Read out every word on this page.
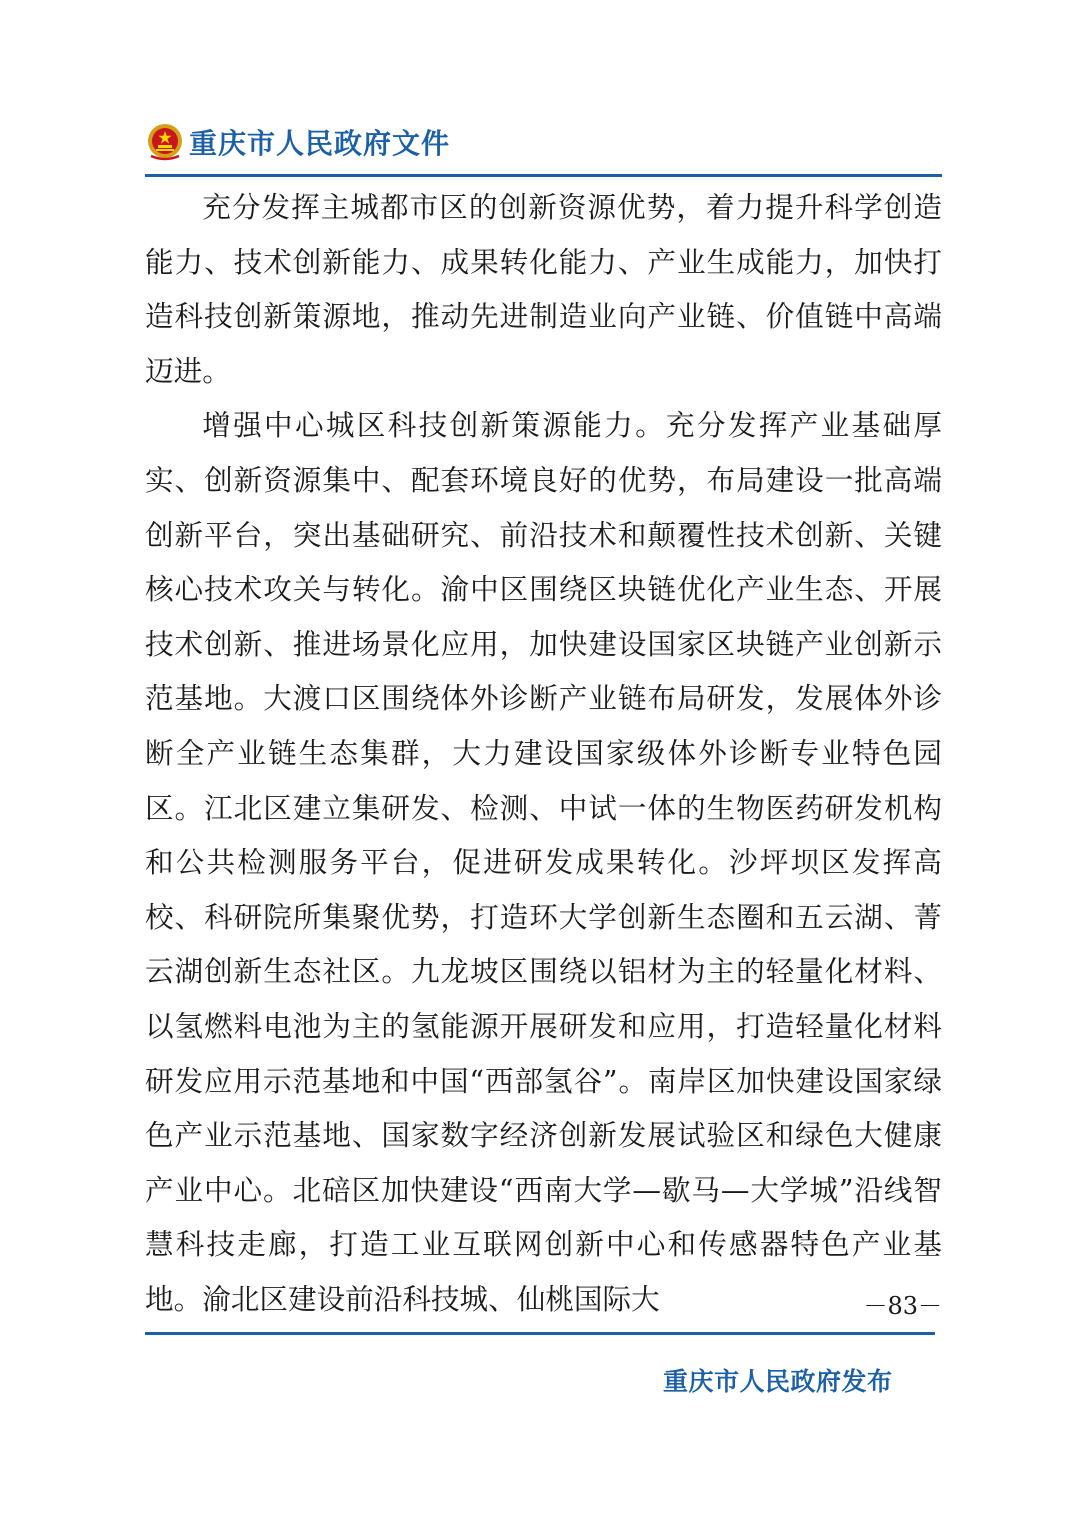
重庆市人民政府文件

充分发挥主城都市区的创新资源优势，着力提升科学创造能力、技术创新能力、成果转化能力、产业生成能力，加快打造科技创新策源地，推动先进制造业向产业链、价值链中高端迈进。

增强中心城区科技创新策源能力。充分发挥产业基础厚实、创新资源集中、配套环境良好的优势，布局建设一批高端创新平台，突出基础研究、前沿技术和颠覆性技术创新、关键核心技术攻关与转化。渝中区围绕区块链优化产业生态、开展技术创新、推进场景化应用，加快建设国家区块链产业创新示范基地。大渡口区围绕体外诊断产业链布局研发，发展体外诊断全产业链生态集群，大力建设国家级体外诊断专业特色园区。江北区建立集研发、检测、中试一体的生物医药研发机构和公共检测服务平台，促进研发成果转化。沙坪坝区发挥高校、科研院所集聚优势，打造环大学创新生态圈和五云湖、菁云湖创新生态社区。九龙坡区围绕以铝材为主的轻量化材料、以氢燃料电池为主的氢能源开展研发和应用，打造轻量化材料研发应用示范基地和中国“西部氢谷”。南岸区加快建设国家绿色产业示范基地、国家数字经济创新发展试验区和绿色大健康产业中心。北碚区加快建设“西南大学—歇马—大学城”沿线智慧科技走廊，打造工业互联网创新中心和传感器特色产业基地。渝北区建设前沿科技城、仙桃国际大	－83－
重庆市人民政府发布
